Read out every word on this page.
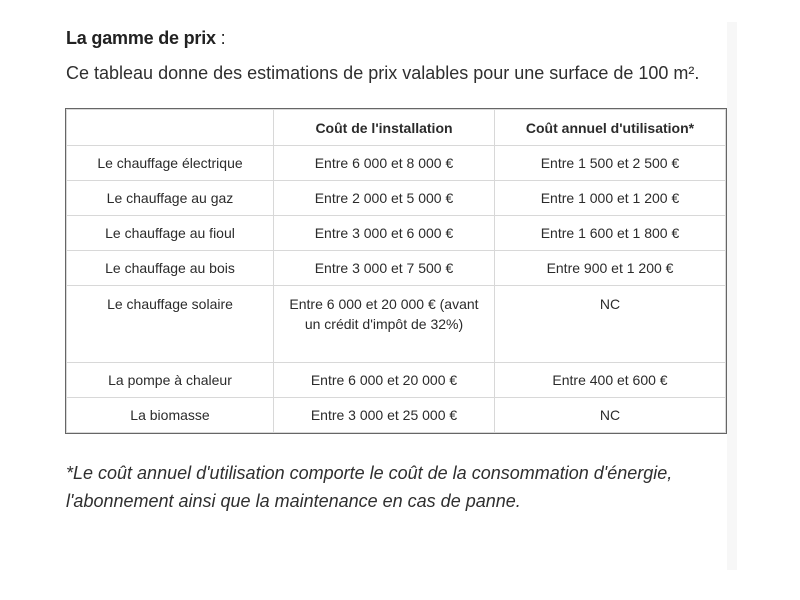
La gamme de prix :

Ce tableau donne des estimations de prix valables pour une surface de 100 m².

	Coût de l'installation	Coût annuel d'utilisation*
Le chauffage électrique	Entre 6 000 et 8 000 €	Entre 1 500 et 2 500 €
Le chauffage au gaz	Entre 2 000 et 5 000 €	Entre 1 000 et 1 200 €
Le chauffage au fioul	Entre 3 000 et 6 000 €	Entre 1 600 et 1 800 €
Le chauffage au bois	Entre 3 000 et 7 500 €	Entre 900 et 1 200 €
Le chauffage solaire	Entre 6 000 et 20 000 € (avant un crédit d'impôt de 32%)	NC
La pompe à chaleur	Entre 6 000 et 20 000 €	Entre 400 et 600 €
La biomasse	Entre 3 000 et 25 000 €	NC

*Le coût annuel d'utilisation comporte le coût de la consommation d'énergie, l'abonnement ainsi que la maintenance en cas de panne.
